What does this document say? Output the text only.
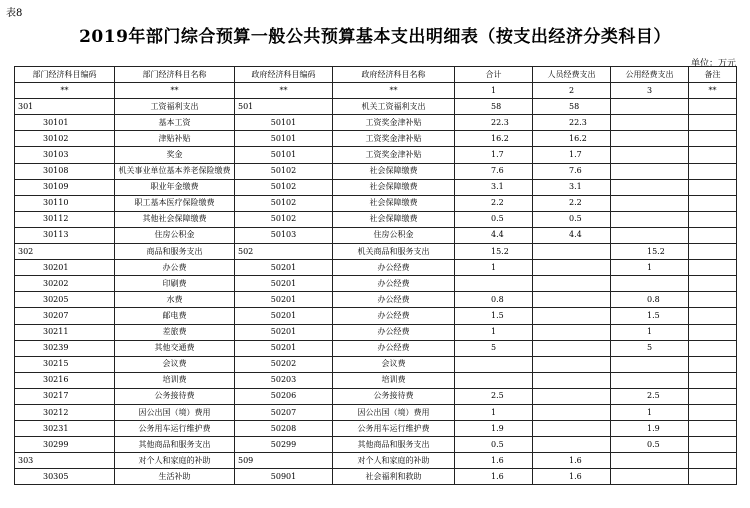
表8
2019年部门综合预算一般公共预算基本支出明细表（按支出经济分类科目）
单位：万元
部门经济科目编码	部门经济科目名称	政府经济科目编码	政府经济科目名称	合计	人员经费支出	公用经费支出	备注
**	**	**	**	1	2	3	**
301	工资福利支出	501	机关工资福利支出	58	58		
30101	基本工资	50101	工资奖金津补贴	22.3	22.3		
30102	津贴补贴	50101	工资奖金津补贴	16.2	16.2		
30103	奖金	50101	工资奖金津补贴	1.7	1.7		
30108	机关事业单位基本养老保险缴费	50102	社会保障缴费	7.6	7.6		
30109	职业年金缴费	50102	社会保障缴费	3.1	3.1		
30110	职工基本医疗保险缴费	50102	社会保障缴费	2.2	2.2		
30112	其他社会保障缴费	50102	社会保障缴费	0.5	0.5		
30113	住房公积金	50103	住房公积金	4.4	4.4		
302	商品和服务支出	502	机关商品和服务支出	15.2		15.2	
30201	办公费	50201	办公经费	1		1	
30202	印刷费	50201	办公经费				
30205	水费	50201	办公经费	0.8		0.8	
30207	邮电费	50201	办公经费	1.5		1.5	
30211	差旅费	50201	办公经费	1		1	
30239	其他交通费	50201	办公经费	5		5	
30215	会议费	50202	会议费				
30216	培训费	50203	培训费				
30217	公务接待费	50206	公务接待费	2.5		2.5	
30212	因公出国（境）费用	50207	因公出国（境）费用	1		1	
30231	公务用车运行维护费	50208	公务用车运行维护费	1.9		1.9	
30299	其他商品和服务支出	50299	其他商品和服务支出	0.5		0.5	
303	对个人和家庭的补助	509	对个人和家庭的补助	1.6	1.6		
30305	生活补助	50901	社会福利和救助	1.6	1.6		
